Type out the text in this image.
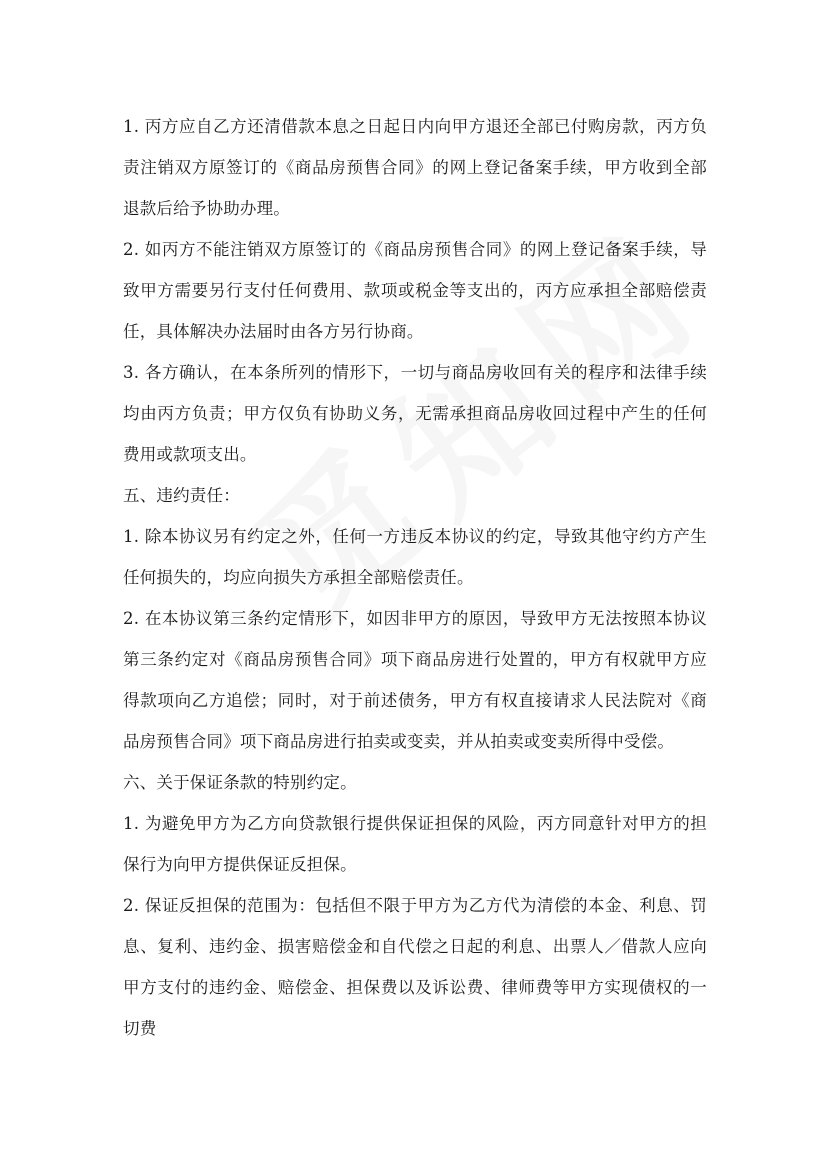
1. 丙方应自乙方还清借款本息之日起日内向甲方退还全部已付购房款，丙方负责注销双方原签订的《商品房预售合同》的网上登记备案手续，甲方收到全部退款后给予协助办理。

2. 如丙方不能注销双方原签订的《商品房预售合同》的网上登记备案手续，导致甲方需要另行支付任何费用、款项或税金等支出的，丙方应承担全部赔偿责任，具体解决办法届时由各方另行协商。

3. 各方确认，在本条所列的情形下，一切与商品房收回有关的程序和法律手续均由丙方负责；甲方仅负有协助义务，无需承担商品房收回过程中产生的任何费用或款项支出。

五、违约责任：

1. 除本协议另有约定之外，任何一方违反本协议的约定，导致其他守约方产生任何损失的，均应向损失方承担全部赔偿责任。

2. 在本协议第三条约定情形下，如因非甲方的原因，导致甲方无法按照本协议第三条约定对《商品房预售合同》项下商品房进行处置的，甲方有权就甲方应得款项向乙方追偿；同时，对于前述债务，甲方有权直接请求人民法院对《商品房预售合同》项下商品房进行拍卖或变卖，并从拍卖或变卖所得中受偿。

六、关于保证条款的特别约定。

1. 为避免甲方为乙方向贷款银行提供保证担保的风险，丙方同意针对甲方的担保行为向甲方提供保证反担保。

2. 保证反担保的范围为：包括但不限于甲方为乙方代为清偿的本金、利息、罚息、复利、违约金、损害赔偿金和自代偿之日起的利息、出票人／借款人应向甲方支付的违约金、赔偿金、担保费以及诉讼费、律师费等甲方实现债权的一切费
